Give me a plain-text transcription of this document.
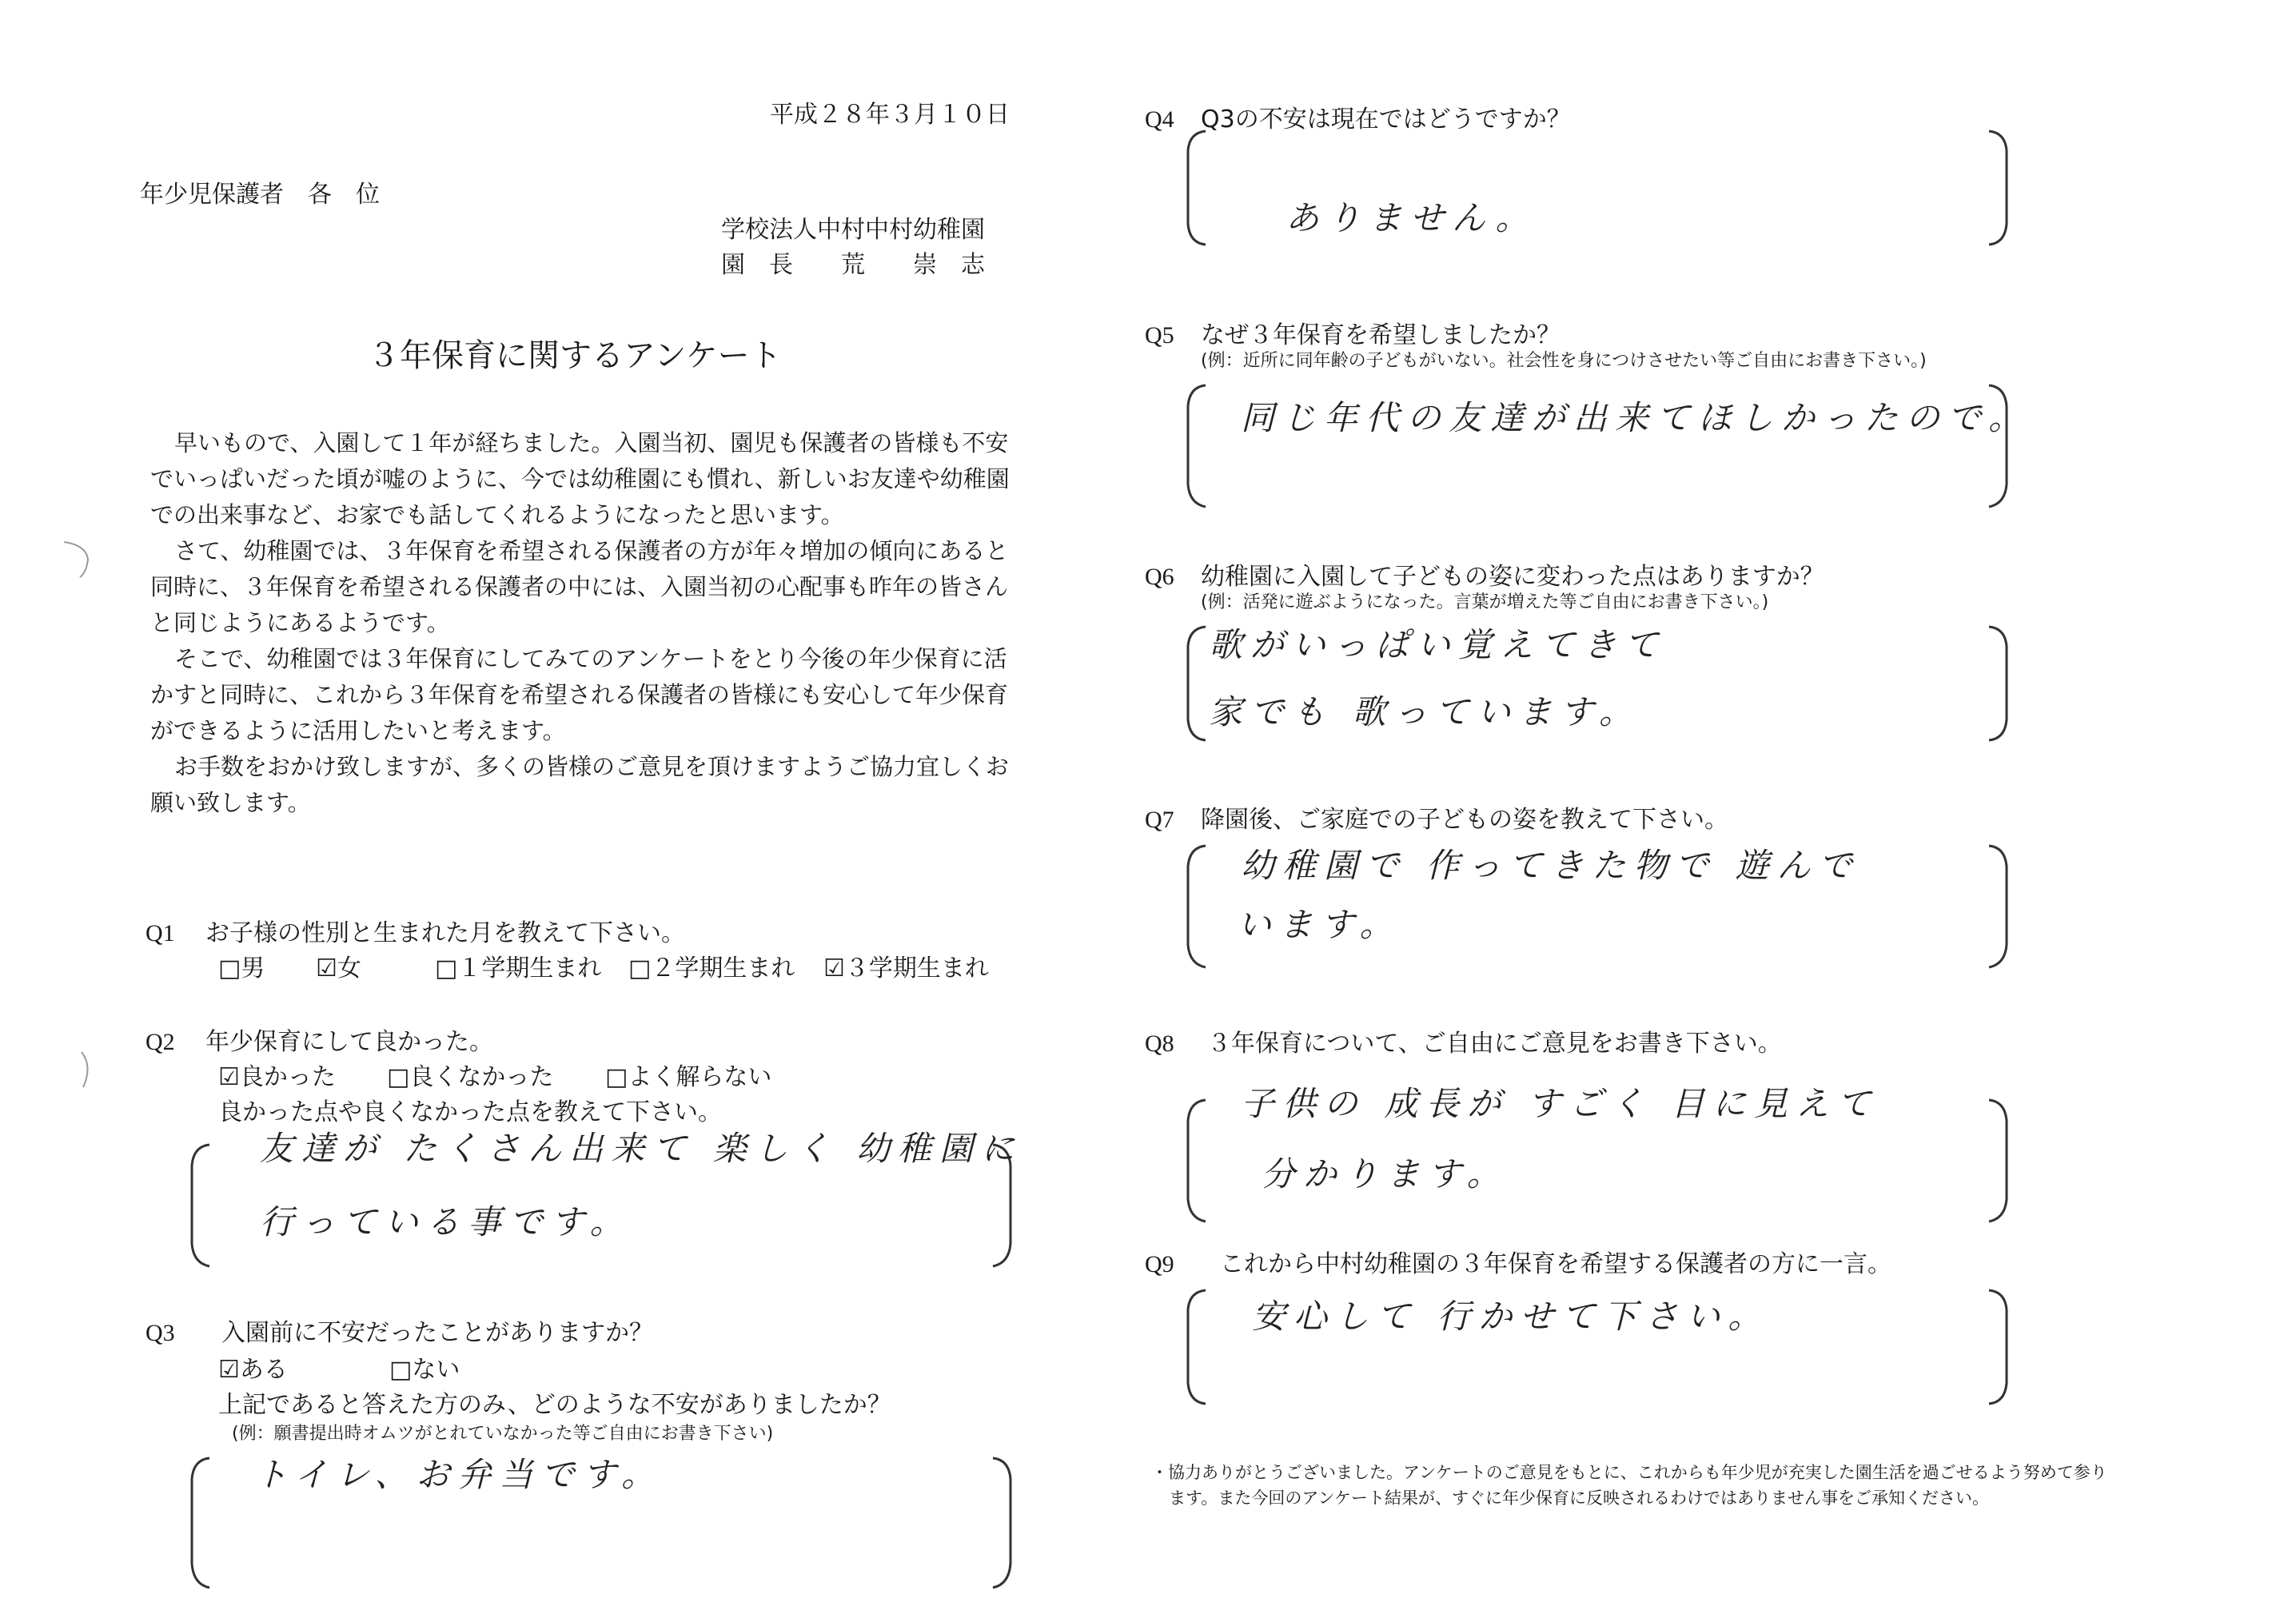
平成２８年３月１０日
年少児保護者　各　位
学校法人中村中村幼稚園
園　長　　荒　　崇　志
３年保育に関するアンケート

早いもので、入園して１年が経ちました。入園当初、園児も保護者の皆様も不安でいっぱいだった頃が嘘のように、今では幼稚園にも慣れ、新しいお友達や幼稚園での出来事など、お家でも話してくれるようになったと思います。

さて、幼稚園では、３年保育を希望される保護者の方が年々増加の傾向にあると同時に、３年保育を希望される保護者の中には、入園当初の心配事も昨年の皆さんと同じようにあるようです。

そこで、幼稚園では３年保育にしてみてのアンケートをとり今後の年少保育に活かすと同時に、これから３年保育を希望される保護者の皆様にも安心して年少保育ができるように活用したいと考えます。

お手数をおかけ致しますが、多くの皆様のご意見を頂けますようご協力宜しくお願い致します。

Q1 お子様の性別と生まれた月を教えて下さい。
□男 ☑女	□１学期生まれ □２学期生まれ ☑３学期生まれ
Q2 年少保育にして良かった。
☑良かった □良くなかった □よく解らない
良かった点や良くなかった点を教えて下さい。
友達が たくさん出来て 楽しく 幼稚園に
行っている事です。
Q3 入園前に不安だったことがありますか？
☑ある	□ない
上記であると答えた方のみ、どのような不安がありましたか？
(例：願書提出時オムツがとれていなかった等ご自由にお書き下さい)
トイレ、お弁当です。
Q4 Q3の不安は現在ではどうですか？
ありません。
Q5 なぜ３年保育を希望しましたか？
(例：近所に同年齢の子どもがいない。社会性を身につけさせたい等ご自由にお書き下さい。)
同じ年代の友達が出来てほしかったので。
Q6 幼稚園に入園して子どもの姿に変わった点はありますか？
(例：活発に遊ぶようになった。言葉が増えた等ご自由にお書き下さい。)
歌がいっぱい覚えてきて
家でも 歌っています。
Q7 降園後、ご家庭での子どもの姿を教えて下さい。
幼稚園で 作ってきた物で 遊んで
います。
Q8 ３年保育について、ご自由にご意見をお書き下さい。
子供の 成長が すごく 目に見えて
分かります。
Q9 これから中村幼稚園の３年保育を希望する保護者の方に一言。
安心して 行かせて下さい。
・協力ありがとうございました。アンケートのご意見をもとに、これからも年少児が充実した園生活を過ごせるよう努めて参り
ます。また今回のアンケート結果が、すぐに年少保育に反映されるわけではありません事をご承知ください。
